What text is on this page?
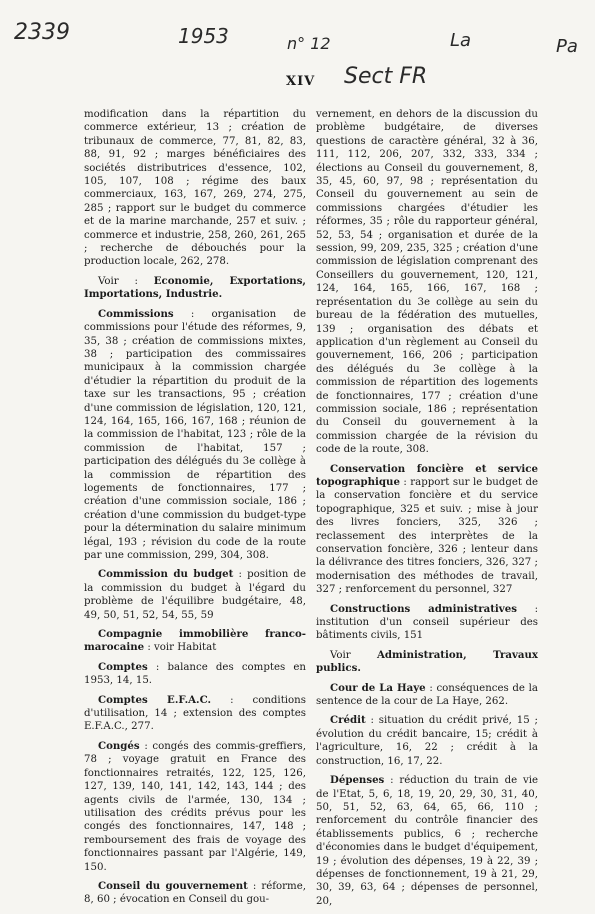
2339	1953	n° 12	La	Pa
Sect FR
XIV

modification dans la répartition du commerce extérieur, 13 ; création de tribunaux de commerce, 77, 81, 82, 83, 88, 91, 92 ; marges bénéficiaires des sociétés distributrices d'essence, 102, 105, 107, 108 ; régime des baux commerciaux, 163, 167, 269, 274, 275, 285 ; rapport sur le budget du commerce et de la marine marchande, 257 et suiv. ; commerce et industrie, 258, 260, 261, 265 ; recherche de débouchés pour la production locale, 262, 278.

Voir : Economie, Exportations, Importations, Industrie.

Commissions : organisation de commissions pour l'étude des réformes, 9, 35, 38 ; création de commissions mixtes, 38 ; participation des commissaires municipaux à la commission chargée d'étudier la répartition du produit de la taxe sur les transactions, 95 ; création d'une commission de législation, 120, 121, 124, 164, 165, 166, 167, 168 ; réunion de la commission de l'habitat, 123 ; rôle de la commission de l'habitat, 157 ; participation des délégués du 3e collège à la commission de répartition des logements de fonctionnaires, 177 ; création d'une commission sociale, 186 ; création d'une commission du budget-type pour la détermination du salaire minimum légal, 193 ; révision du code de la route par une commission, 299, 304, 308.

Commission du budget : position de la commission du budget à l'égard du problème de l'équilibre budgétaire, 48, 49, 50, 51, 52, 54, 55, 59

Compagnie immobilière franco-marocaine : voir Habitat

Comptes : balance des comptes en 1953, 14, 15.

Comptes E.F.A.C. : conditions d'utilisation, 14 ; extension des comptes E.F.A.C., 277.

Congés : congés des commis-greffiers, 78 ; voyage gratuit en France des fonctionnaires retraités, 122, 125, 126, 127, 139, 140, 141, 142, 143, 144 ; des agents civils de l'armée, 130, 134 ; utilisation des crédits prévus pour les congés des fonctionnaires, 147, 148 ; remboursement des frais de voyage des fonctionnaires passant par l'Algérie, 149, 150.

Conseil du gouvernement : réforme, 8, 60 ; évocation en Conseil du gou-

vernement, en dehors de la discussion du problème budgétaire, de diverses questions de caractère général, 32 à 36, 111, 112, 206, 207, 332, 333, 334 ; élections au Conseil du gouvernement, 8, 35, 45, 60, 97, 98 ; représentation du Conseil du gouvernement au sein de commissions chargées d'étudier les réformes, 35 ; rôle du rapporteur général, 52, 53, 54 ; organisation et durée de la session, 99, 209, 235, 325 ; création d'une commission de législation comprenant des Conseillers du gouvernement, 120, 121, 124, 164, 165, 166, 167, 168 ; représentation du 3e collège au sein du bureau de la fédération des mutuelles, 139 ; organisation des débats et application d'un règlement au Conseil du gouvernement, 166, 206 ; participation des délégués du 3e collège à la commission de répartition des logements de fonctionnaires, 177 ; création d'une commission sociale, 186 ; représentation du Conseil du gouvernement à la commission chargée de la révision du code de la route, 308.

Conservation foncière et service topographique : rapport sur le budget de la conservation foncière et du service topographique, 325 et suiv. ; mise à jour des livres fonciers, 325, 326 ; reclassement des interprètes de la conservation foncière, 326 ; lenteur dans la délivrance des titres fonciers, 326, 327 ; modernisation des méthodes de travail, 327 ; renforcement du personnel, 327

Constructions administratives : institution d'un conseil supérieur des bâtiments civils, 151

Voir	Administration, Travaux publics.

Cour de La Haye : conséquences de la sentence de la cour de La Haye, 262.

Crédit : situation du crédit privé, 15 ; évolution du crédit bancaire, 15; crédit à l'agriculture, 16, 22 ; crédit à la construction, 16, 17, 22.

Dépenses : réduction du train de vie de l'Etat, 5, 6, 18, 19, 20, 29, 30, 31, 40, 50, 51, 52, 63, 64, 65, 66, 110 ; renforcement du contrôle financier des établissements publics, 6 ; recherche d'économies dans le budget d'équipement, 19 ; évolution des dépenses, 19 à 22, 39 ; dépenses de fonctionnement, 19 à 21, 29, 30, 39, 63, 64 ; dépenses de personnel, 20,
